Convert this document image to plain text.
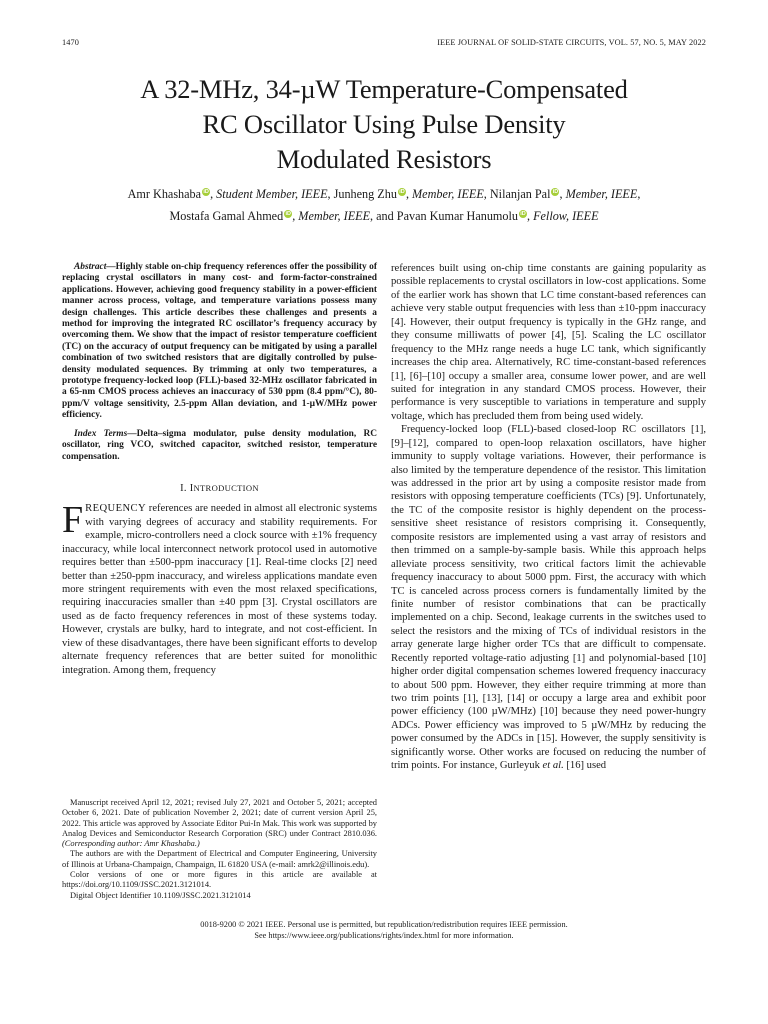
1470	IEEE JOURNAL OF SOLID-STATE CIRCUITS, VOL. 57, NO. 5, MAY 2022
A 32-MHz, 34-µW Temperature-Compensated
RC Oscillator Using Pulse Density
Modulated Resistors
Amr Khashaba iD, Student Member, IEEE, Junheng Zhu iD, Member, IEEE, Nilanjan Pal iD, Member, IEEE,
Mostafa Gamal Ahmed iD, Member, IEEE, and Pavan Kumar Hanumolu iD, Fellow, IEEE

Abstract—Highly stable on-chip frequency references offer the possibility of replacing crystal oscillators in many cost- and form-factor-constrained applications. However, achieving good frequency stability in a power-efficient manner across process, voltage, and temperature variations possess many design challenges. This article describes these challenges and presents a method for improving the integrated RC oscillator’s frequency accuracy by overcoming them. We show that the impact of resistor temperature coefficient (TC) on the accuracy of output frequency can be mitigated by using a parallel combination of two switched resistors that are digitally controlled by pulse-density modulated sequences. By trimming at only two temperatures, a prototype frequency-locked loop (FLL)-based 32-MHz oscillator fabricated in a 65-nm CMOS process achieves an inaccuracy of 530 ppm (8.4 ppm/°C), 80-ppm/V voltage sensitivity, 2.5-ppm Allan deviation, and 1-µW/MHz power efficiency.

Index Terms—Delta–sigma modulator, pulse density modulation, RC oscillator, ring VCO, switched capacitor, switched resistor, temperature compensation.

I. INTRODUCTION
FREQUENCY references are needed in almost all electronic systems with varying degrees of accuracy and stability requirements. For example, micro-controllers need a clock source with ±1% frequency inaccuracy, while local interconnect network protocol used in automotive requires better than ±500-ppm inaccuracy [1]. Real-time clocks [2] need better than ±250-ppm inaccuracy, and wireless applications mandate even more stringent requirements with even the most relaxed specifications, requiring inaccuracies smaller than ±40 ppm [3]. Crystal oscillators are used as de facto frequency references in most of these systems today. However, crystals are bulky, hard to integrate, and not cost-efficient. In view of these disadvantages, there have been significant efforts to develop alternate frequency references that are better suited for monolithic integration. Among them, frequency

Manuscript received April 12, 2021; revised July 27, 2021 and October 5, 2021; accepted October 6, 2021. Date of publication November 2, 2021; date of current version April 25, 2022. This article was approved by Associate Editor Pui-In Mak. This work was supported by Analog Devices and Semiconductor Research Corporation (SRC) under Contract 2810.036. (Corresponding author: Amr Khashaba.)

The authors are with the Department of Electrical and Computer Engineering, University of Illinois at Urbana-Champaign, Champaign, IL 61820 USA (e-mail: amrk2@illinois.edu).

Color versions of one or more figures in this article are available at https://doi.org/10.1109/JSSC.2021.3121014.

Digital Object Identifier 10.1109/JSSC.2021.3121014

references built using on-chip time constants are gaining popularity as possible replacements to crystal oscillators in low-cost applications. Some of the earlier work has shown that LC time constant-based references can achieve very stable output frequencies with less than ±10-ppm inaccuracy [4]. However, their output frequency is typically in the GHz range, and they consume milliwatts of power [4], [5]. Scaling the LC oscillator frequency to the MHz range needs a huge LC tank, which significantly increases the chip area. Alternatively, RC time-constant-based references [1], [6]–[10] occupy a smaller area, consume lower power, and are well suited for integration in any standard CMOS process. However, their performance is very susceptible to variations in temperature and supply voltage, which has precluded them from being used widely.

Frequency-locked loop (FLL)-based closed-loop RC oscillators [1], [9]–[12], compared to open-loop relaxation oscillators, have higher immunity to supply voltage variations. However, their performance is also limited by the temperature dependence of the resistor. This limitation was addressed in the prior art by using a composite resistor made from resistors with opposing temperature coefficients (TCs) [9]. Unfortunately, the TC of the composite resistor is highly dependent on the process-sensitive sheet resistance of resistors comprising it. Consequently, composite resistors are implemented using a vast array of resistors and then trimmed on a sample-by-sample basis. While this approach helps alleviate process sensitivity, two critical factors limit the achievable frequency inaccuracy to about 5000 ppm. First, the accuracy with which TC is canceled across process corners is fundamentally limited by the finite number of resistor combinations that can be practically implemented on a chip. Second, leakage currents in the switches used to select the resistors and the mixing of TCs of individual resistors in the array generate large higher order TCs that are difficult to compensate. Recently reported voltage-ratio adjusting [1] and polynomial-based [10] higher order digital compensation schemes lowered frequency inaccuracy to about 500 ppm. However, they either require trimming at more than two trim points [1], [13], [14] or occupy a large area and exhibit poor power efficiency (100 µW/MHz) [10] because they need power-hungry ADCs. Power efficiency was improved to 5 µW/MHz by reducing the power consumed by the ADCs in [15]. However, the supply sensitivity is significantly worse. Other works are focused on reducing the number of trim points. For instance, Gurleyuk et al. [16] used

0018-9200 © 2021 IEEE. Personal use is permitted, but republication/redistribution requires IEEE permission.
See https://www.ieee.org/publications/rights/index.html for more information.
